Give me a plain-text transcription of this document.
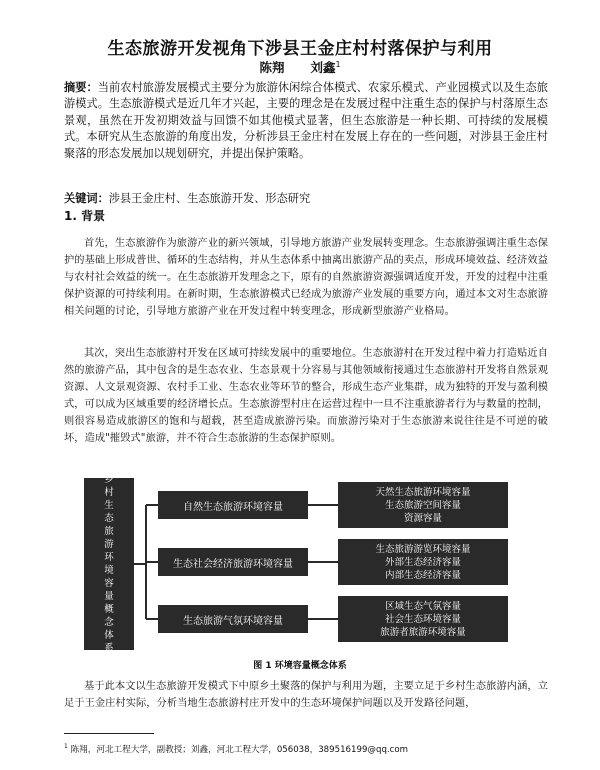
生态旅游开发视角下涉县王金庄村村落保护与利用
陈翔 刘鑫$^1$
摘要：当前农村旅游发展模式主要分为旅游休闲综合体模式、农家乐模式、产业园模式以及生态旅游模式。生态旅游模式是近几年才兴起，主要的理念是在发展过程中注重生态的保护与村落原生态景观，虽然在开发初期效益与回馈不如其他模式显著，但生态旅游是一种长期、可持续的发展模式。本研究从生态旅游的角度出发，分析涉县王金庄村在发展上存在的一些问题，对涉县王金庄村聚落的形态发展加以规划研究，并提出保护策略。
关键词：涉县王金庄村、生态旅游开发、形态研究
1. 背景
首先，生态旅游作为旅游产业的新兴领域，引导地方旅游产业发展转变理念。生态旅游强调注重生态保护的基础上形成普世、循环的生态结构，并从生态体系中抽离出旅游产品的卖点，形成环境效益、经济效益与农村社会效益的统一。在生态旅游开发理念之下，原有的自然旅游资源强调适度开发，开发的过程中注重保护资源的可持续利用。在新时期，生态旅游模式已经成为旅游产业发展的重要方向，通过本文对生态旅游相关问题的讨论，引导地方旅游产业在开发过程中转变理念，形成新型旅游产业格局。
其次，突出生态旅游村开发在区域可持续发展中的重要地位。生态旅游村在开发过程中着力打造贴近自然的旅游产品，其中包含的是生态农业、生态景观十分容易与其他领域衔接通过生态旅游村开发将自然景观资源、人文景观资源、农村手工业、生态农业等环节的整合，形成生态产业集群，成为独特的开发与盈利模式，可以成为区域重要的经济增长点。生态旅游型村庄在运营过程中一旦不注重旅游者行为与数量的控制，则很容易造成旅游区的饱和与超载，甚至造成旅游污染。而旅游污染对于生态旅游来说往往是不可逆的破坏，造成"摧毁式"旅游，并不符合生态旅游的生态保护原则。
乡村生态旅游环境容量概念体系
自然生态旅游环境容量
生态社会经济旅游环境容量
生态旅游气氛环境容量
天然生态旅游环境容量
生态旅游空间容量
资源容量
生态旅游游览环境容量
外部生态经济容量
内部生态经济容量
区域生态气氛容量
社会生态环境容量
旅游者旅游环境容量
图 1 环境容量概念体系
基于此本文以生态旅游开发模式下中原乡土聚落的保护与利用为题，主要立足于乡村生态旅游内涵，立足于王金庄村实际，分析当地生态旅游村庄开发中的生态环境保护问题以及开发路径问题，
$^1$ 陈翔，河北工程大学，副教授；刘鑫，河北工程大学，056038，389516199@qq.com
